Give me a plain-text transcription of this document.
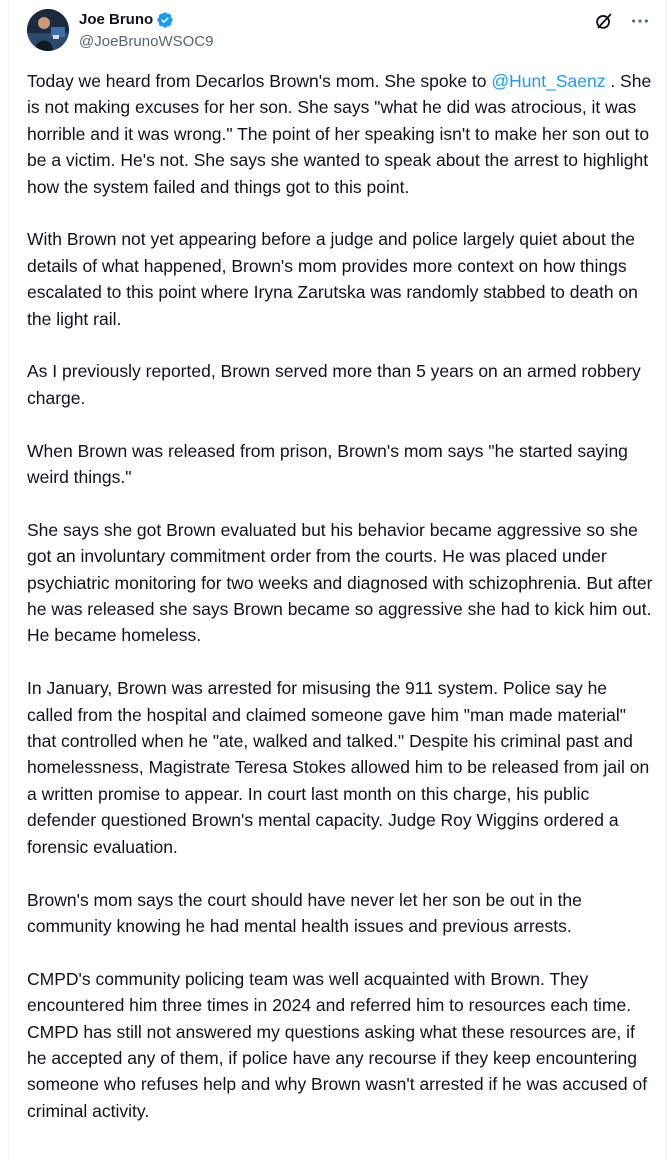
Joe Bruno
@JoeBrunoWSOC9

Today we heard from Decarlos Brown's mom. She spoke to @Hunt_Saenz . She is not making excuses for her son. She says "what he did was atrocious, it was horrible and it was wrong." The point of her speaking isn't to make her son out to be a victim. He's not. She says she wanted to speak about the arrest to highlight how the system failed and things got to this point.

With Brown not yet appearing before a judge and police largely quiet about the details of what happened, Brown's mom provides more context on how things escalated to this point where Iryna Zarutska was randomly stabbed to death on the light rail.

As I previously reported, Brown served more than 5 years on an armed robbery charge.

When Brown was released from prison, Brown's mom says "he started saying weird things."

She says she got Brown evaluated but his behavior became aggressive so she got an involuntary commitment order from the courts. He was placed under psychiatric monitoring for two weeks and diagnosed with schizophrenia. But after he was released she says Brown became so aggressive she had to kick him out. He became homeless.

In January, Brown was arrested for misusing the 911 system. Police say he called from the hospital and claimed someone gave him "man made material" that controlled when he "ate, walked and talked." Despite his criminal past and homelessness, Magistrate Teresa Stokes allowed him to be released from jail on a written promise to appear. In court last month on this charge, his public defender questioned Brown's mental capacity. Judge Roy Wiggins ordered a forensic evaluation.

Brown's mom says the court should have never let her son be out in the community knowing he had mental health issues and previous arrests.

CMPD's community policing team was well acquainted with Brown. They encountered him three times in 2024 and referred him to resources each time. CMPD has still not answered my questions asking what these resources are, if he accepted any of them, if police have any recourse if they keep encountering someone who refuses help and why Brown wasn't arrested if he was accused of criminal activity.
